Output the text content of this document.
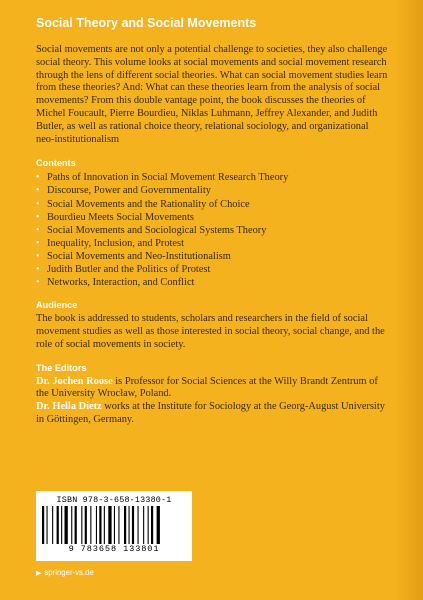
Social Theory and Social Movements

Social movements are not only a potential challenge to societies, they also challenge social theory. This volume looks at social movements and social movement research through the lens of different social theories. What can social movement studies learn from these theories? And: What can these theories learn from the analysis of social movements? From this double vantage point, the book discusses the theories of Michel Foucault, Pierre Bourdieu, Niklas Luhmann, Jeffrey Alexander, and Judith Butler, as well as rational choice theory, relational sociology, and organizational neo-institutionalism

Contents
• Paths of Innovation in Social Movement Research Theory
• Discourse, Power and Governmentality
• Social Movements and the Rationality of Choice
• Bourdieu Meets Social Movements
• Social Movements and Sociological Systems Theory
• Inequality, Inclusion, and Protest
• Social Movements and Neo-Institutionalism
• Judith Butler and the Politics of Protest
• Networks, Interaction, and Conflict
Audience

The book is addressed to students, scholars and researchers in the field of social movement studies as well as those interested in social theory, social change, and the role of social movements in society.

The Editors

Dr. Jochen Roose is Professor for Social Sciences at the Willy Brandt Zentrum of the University Wrocław, Poland.

Dr. Hella Dietz works at the Institute for Sociology at the Georg-August University in Göttingen, Germany.

ISBN 978-3-658-13380-1
9 783658 133801
▶ springer-vs.de
